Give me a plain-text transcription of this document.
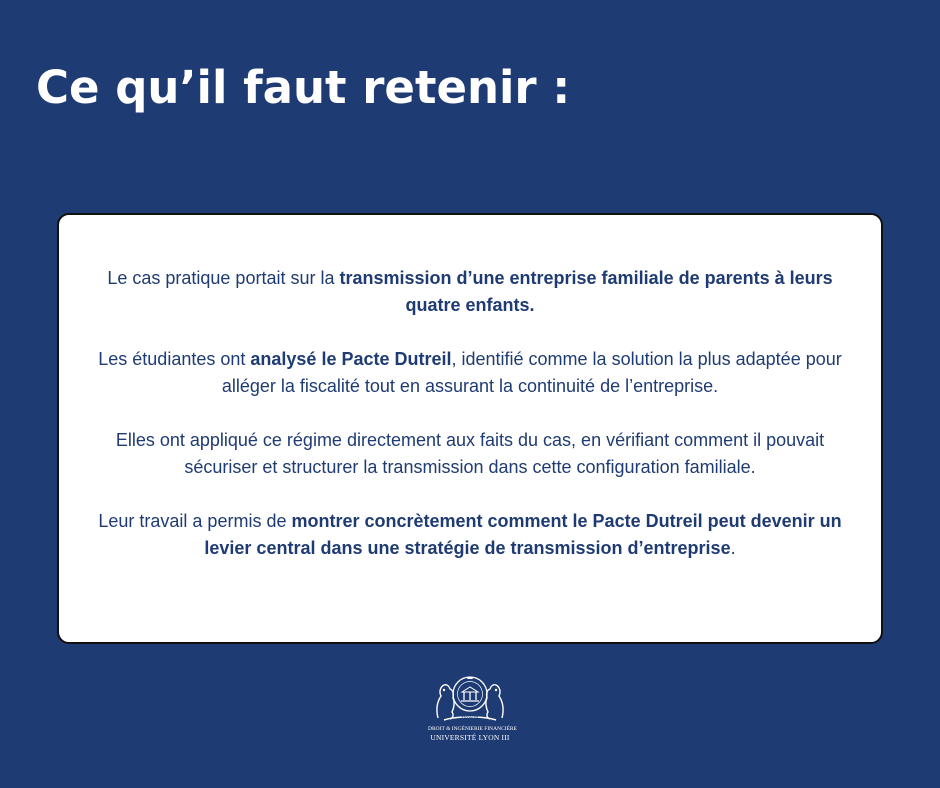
Ce qu’il faut retenir :

Le cas pratique portait sur la transmission d’une entreprise familiale de parents à leurs quatre enfants.

Les étudiantes ont analysé le Pacte Dutreil, identifié comme la solution la plus adaptée pour alléger la fiscalité tout en assurant la continuité de l’entreprise.

Elles ont appliqué ce régime directement aux faits du cas, en vérifiant comment il pouvait sécuriser et structurer la transmission dans cette configuration familiale.

Leur travail a permis de montrer concrètement comment le Pacte Dutreil peut devenir un levier central dans une stratégie de transmission d’entreprise.

LYON III
DROIT & INGÉNIERIE FINANCIÈRE
UNIVERSITÉ LYON III
